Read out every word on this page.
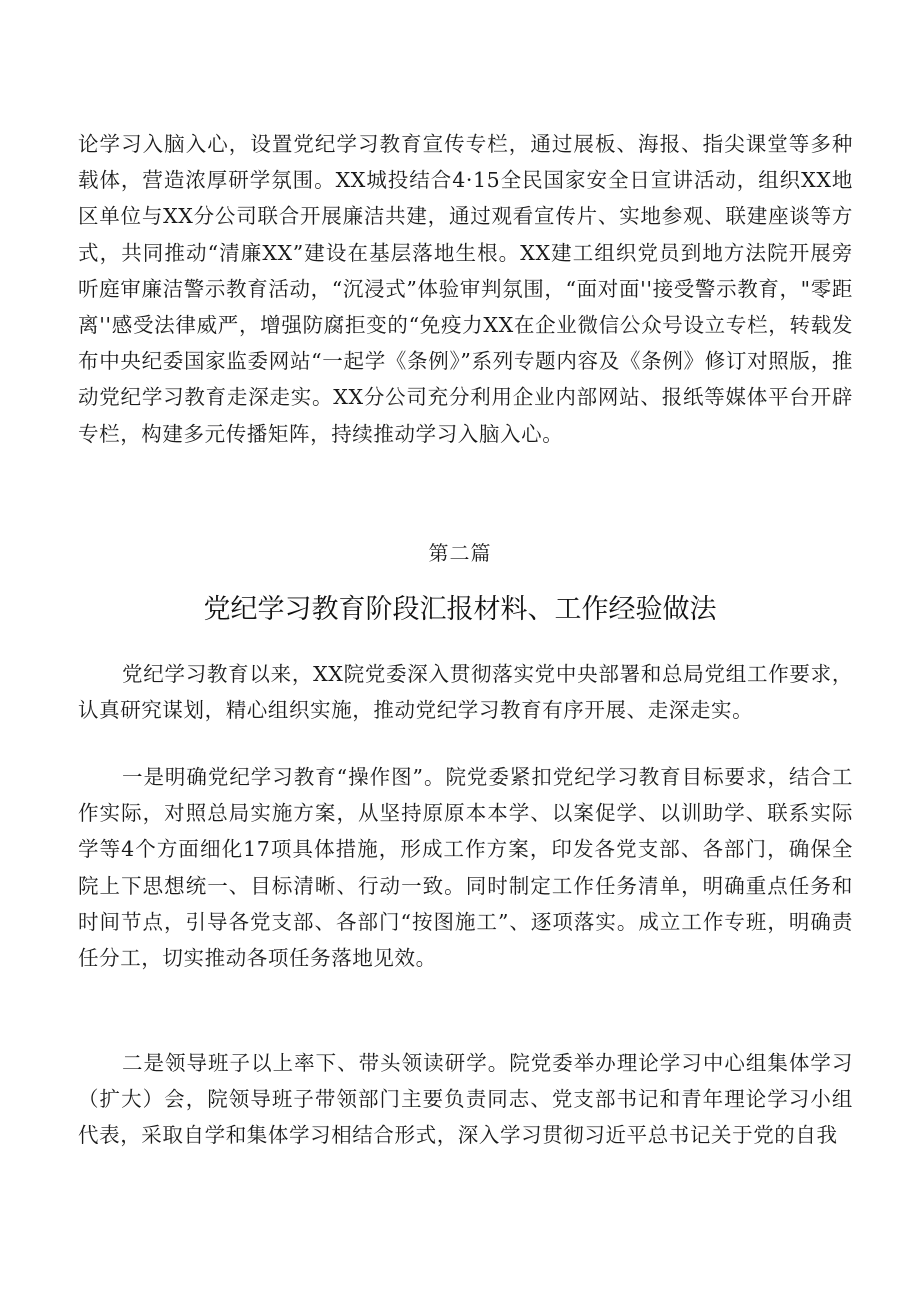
论学习入脑入心，设置党纪学习教育宣传专栏，通过展板、海报、指尖课堂等多种载体，营造浓厚研学氛围。XX城投结合4·15全民国家安全日宣讲活动，组织XX地区单位与XX分公司联合开展廉洁共建，通过观看宣传片、实地参观、联建座谈等方式，共同推动“清廉XX”建设在基层落地生根。XX建工组织党员到地方法院开展旁听庭审廉洁警示教育活动，“沉浸式”体验审判氛围，“面对面''接受警示教育，"零距离''感受法律威严，增强防腐拒变的“免疫力XX在企业微信公众号设立专栏，转载发布中央纪委国家监委网站“一起学《条例》”系列专题内容及《条例》修订对照版，推动党纪学习教育走深走实。XX分公司充分利用企业内部网站、报纸等媒体平台开辟专栏，构建多元传播矩阵，持续推动学习入脑入心。

第二篇
党纪学习教育阶段汇报材料、工作经验做法

党纪学习教育以来，XX院党委深入贯彻落实党中央部署和总局党组工作要求，认真研究谋划，精心组织实施，推动党纪学习教育有序开展、走深走实。

一是明确党纪学习教育“操作图”。院党委紧扣党纪学习教育目标要求，结合工作实际，对照总局实施方案，从坚持原原本本学、以案促学、以训助学、联系实际学等4个方面细化17项具体措施，形成工作方案，印发各党支部、各部门，确保全院上下思想统一、目标清晰、行动一致。同时制定工作任务清单，明确重点任务和时间节点，引导各党支部、各部门“按图施工”、逐项落实。成立工作专班，明确责任分工，切实推动各项任务落地见效。

二是领导班子以上率下、带头领读研学。院党委举办理论学习中心组集体学习（扩大）会，院领导班子带领部门主要负责同志、党支部书记和青年理论学习小组代表，采取自学和集体学习相结合形式，深入学习贯彻习近平总书记关于党的自我
